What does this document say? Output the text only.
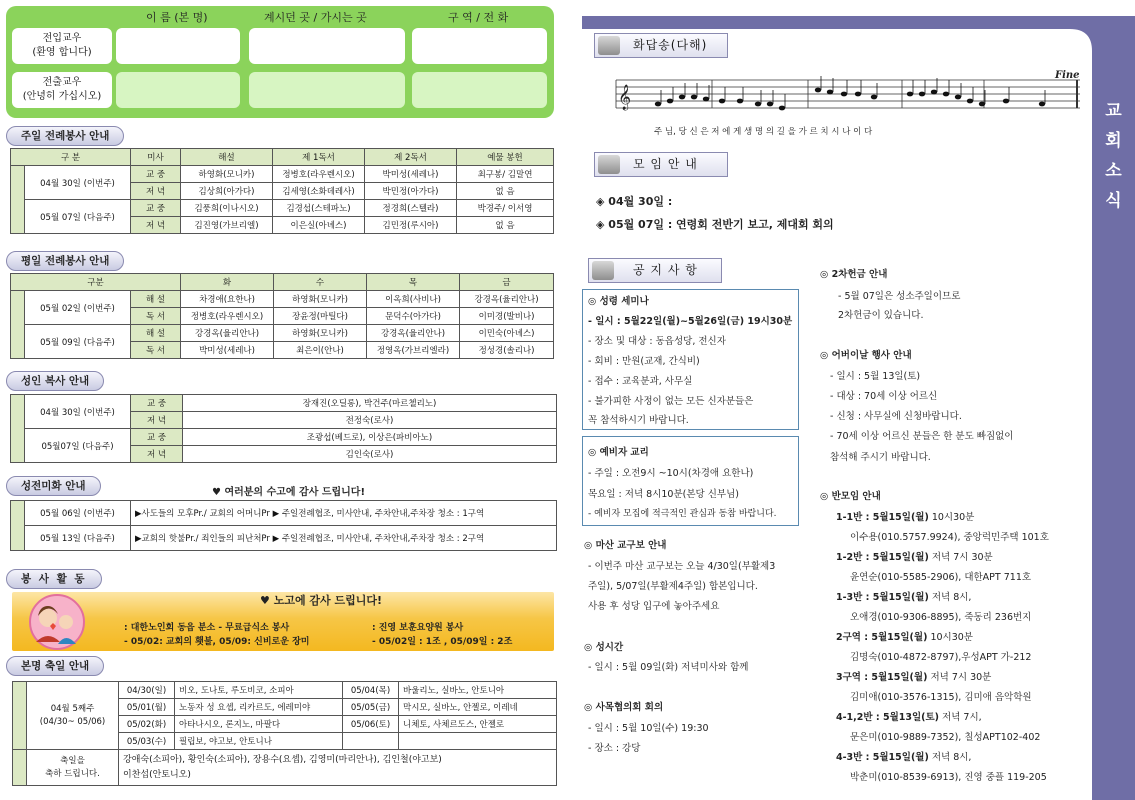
이 름 (본 명)	계시던 곳 / 가시는 곳	구 역 / 전 화
전입교우
(환영 합니다)
전출교우
(안녕히 가십시오)
주일 전례봉사 안내
구 분		미사	해설	제 1독서	제 2독서	예물 봉헌
	04월 30일 (이번주)	교 중	하영화(모니카)	정병호(라우렌시오)	박미성(세레나)	최구봉/ 김말연
		저 녁	김상희(아가다)	김세영(소화데레사)	박민정(아가다)	없 음
	05월 07일 (다음주)	교 중	김풍희(이나시오)	김경섭(스테파노)	정경희(스텔라)	박경주/ 이서영
		저 녁	김진영(가브리엘)	이은실(아녜스)	김민정(루시아)	없 음
평일 전례봉사 안내
구분			화	수	목	금
	05월 02일 (이번주)	해 설	차경애(요한나)	하영화(모니카)	이옥희(사비나)	강경옥(율리안나)
		독 서	정병호(라우렌시오)	장윤정(마틸다)	문덕수(아가다)	이미경(발비나)
	05월 09일 (다음주)	해 설	강경옥(율리안나)	하영화(모니카)	강경옥(율리안나)	이민숙(아녜스)
		독 서	박미성(세레나)	최은이(안나)	정영옥(가브리엘라)	정성경(솔리나)
성인 복사 안내
	04월 30일 (이번주)	교 중	장재진(오딜롱), 박건주(마르첼리노)
		저 녁	전정숙(로사)
	05월07일 (다음주)	교 중	조광섭(베드로), 이상은(파비아노)
		저 녁	김인숙(로사)
성전미화 안내
♥ 여러분의 수고에 감사 드립니다!
	05월 06일 (이번주)	▶사도들의 모후Pr./ 교회의 어머니Pr ▶ 주일전례협조, 미사안내, 주차안내,주차장 청소 : 1구역
	05월 13일 (다음주)	▶교회의 핫불Pr./ 죄인들의 피난처Pr ▶ 주일전례협조, 미사안내, 주차안내,주차장 청소 : 2구역
봉 사 활 동
♥ 노고에 감사 드립니다!
: 대한노인회 동읍 분소 - 무료급식소 봉사
- 05/02: 교회의 횃불, 05/09: 신비로운 장미
: 진영 보훈요양원 봉사
- 05/02일 : 1조 , 05/09일 : 2조
본명 축일 안내
	04월 5째주
(04/30~ 05/06)	04/30(일)	비오, 도나토, 루도비코, 소피아	05/04(목)	바울리노, 실바노, 안토니아
		05/01(월)	노동자 성 요셉, 리카르도, 에레미야	05/05(금)	막시모, 실바노, 안젤로, 이레네
		05/02(화)	아타나시오, 론지노, 마팔다	05/06(토)	니체토, 사체르도스, 안젤로
		05/03(수)	필립보, 야고보, 안토니나		
	축일을
축하 드립니다.	
강애숙(소피아), 황인숙(소피아), 장용수(요셉), 김영미(마리안나), 김인철(야고보)
이찬섭(안토니오)
교
회
소
식
화답송(다해)
𝄞
Fine
주 님, 당 신 은 저 에 게 생 명 의 길 을 가 르 치 시 나 이 다
모 임 안 내
◈ 04월 30일 :
◈ 05월 07일 : 연령회 전반기 보고, 제대회 회의
공 지 사 항
◎ 성령 세미나
- 일시 : 5월22일(월)~5월26일(금) 19시30분
- 장소 및 대상 : 동읍성당, 전신자
- 회비 : 만원(교재, 간식비)
- 접수 : 교육분과, 사무실
- 불가피한 사정이 없는 모든 신자분들은
꼭 참석하시기 바랍니다.
◎ 예비자 교리
- 주일 : 오전9시 ~10시(차경애 요한나)
목요일 : 저녁 8시10분(본당 신부님)
- 예비자 모집에 적극적인 관심과 동참 바랍니다.
◎ 마산 교구보 안내
- 이번주 마산 교구보는 오늘 4/30일(부활제3
주일), 5/07일(부활제4주일) 합본입니다.
사용 후 성당 입구에 놓아주세요
◎ 성시간
- 일시 : 5월 09일(화) 저녁미사와 함께
◎ 사목협의회 회의
- 일시 : 5월 10일(수) 19:30
- 장소 : 강당
◎ 2차헌금 안내
- 5월 07일은 성소주일이므로
2차헌금이 있습니다.
◎ 어버이날 행사 안내
- 일시 : 5월 13일(토)
- 대상 : 70세 이상 어르신
- 신청 : 사무실에 신청바랍니다.
- 70세 이상 어르신 분들은 한 분도 빠짐없이
참석해 주시기 바랍니다.
◎ 반모임 안내
1-1반 : 5월15일(월) 10시30분
이수용(010.5757.9924), 중앙럭민주택 101호
1-2반 : 5월15일(월) 저녁 7시 30분
윤연순(010-5585-2906), 대한APT 711호
1-3반 : 5월15일(월) 저녁 8시,
오애경(010-9306-8895), 죽동리 236번지
2구역 : 5월15일(월) 10시30분
김명숙(010-4872-8797),우성APT 가-212
3구역 : 5월15일(월) 저녁 7시 30분
김미애(010-3576-1315), 김미애 음악학원
4-1,2반 : 5월13일(토) 저녁 7시,
문은미(010-9889-7352), 칠성APT102-402
4-3반 : 5월15일(월) 저녁 8시,
박춘미(010-8539-6913), 진영 중플 119-205
